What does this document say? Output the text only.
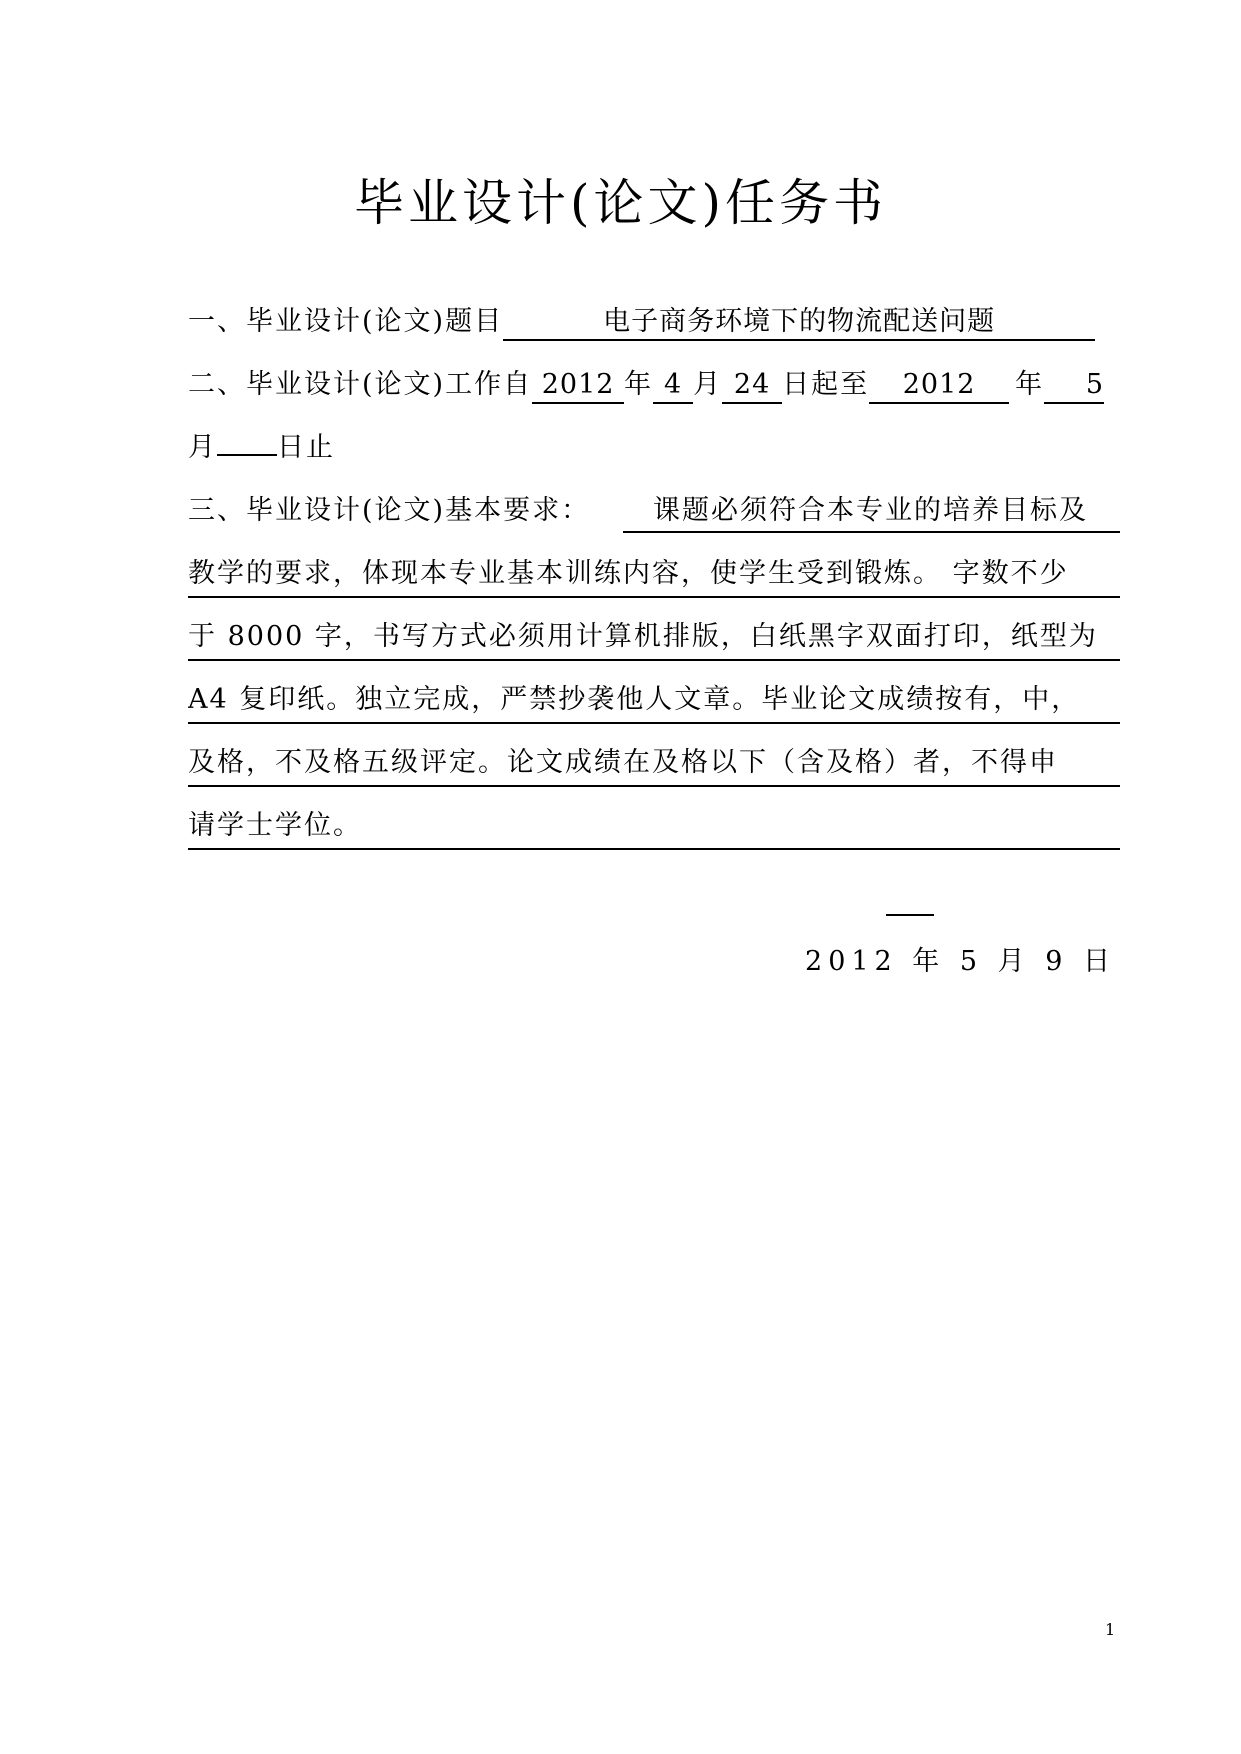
毕业设计(论文)任务书
一、毕业设计(论文)题目	电子商务环境下的物流配送问题
二、毕业设计(论文)工作自 2012 年 4 月 24 日起至 2012 年 5
月 日止
三、毕业设计(论文)基本要求：	课题必须符合本专业的培养目标及
教学的要求，体现本专业基本训练内容，使学生受到锻炼。 字数不少
于 8000 字，书写方式必须用计算机排版，白纸黑字双面打印，纸型为
A4 复印纸。独立完成，严禁抄袭他人文章。毕业论文成绩按有，中，
及格，不及格五级评定。论文成绩在及格以下（含及格）者，不得申
请学士学位。
2012 年 5 月 9 日
1
